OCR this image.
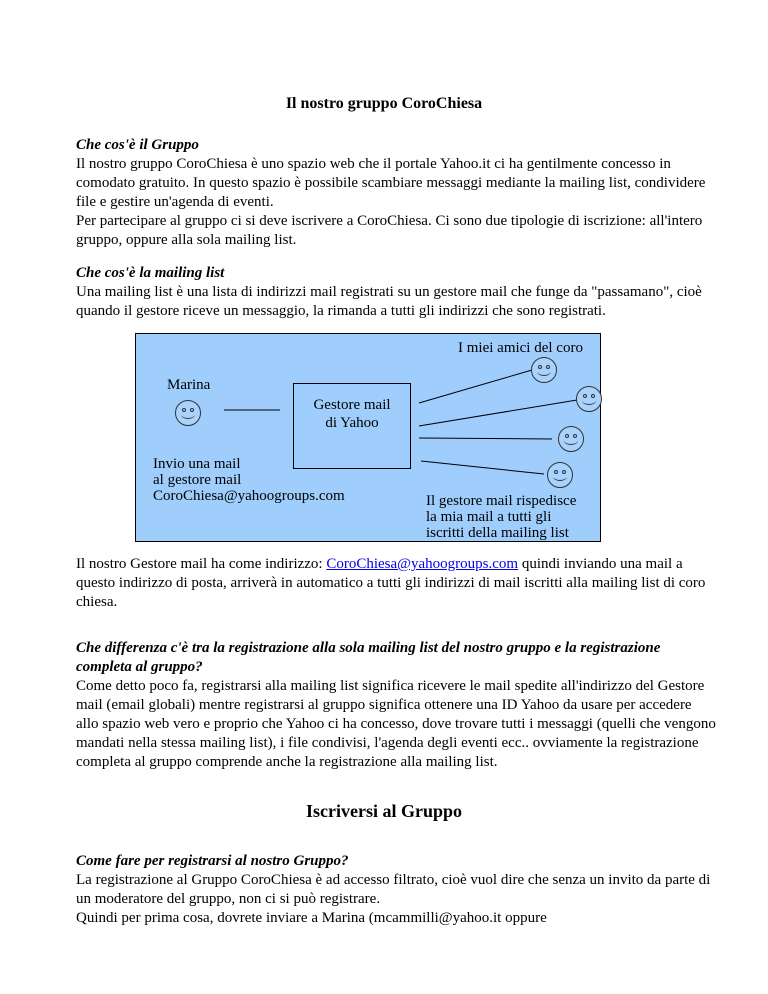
Il nostro gruppo CoroChiesa

Che cos'è il Gruppo

Il nostro gruppo CoroChiesa è uno spazio web che il portale Yahoo.it ci ha gentilmente concesso in comodato gratuito. In questo spazio è possibile scambiare messaggi mediante la mailing list, condividere file e gestire un'agenda di eventi.

Per partecipare al gruppo ci si deve iscrivere a CoroChiesa. Ci sono due tipologie di iscrizione: all'intero gruppo, oppure alla sola mailing list.

Che cos'è la mailing list

Una mailing list è una lista di indirizzi mail registrati su un gestore mail che funge da "passamano", cioè quando il gestore riceve un messaggio, la rimanda a tutti gli indirizzi che sono registrati.

I miei amici del coro
Marina
Gestore mail
di Yahoo
Invio una mail
al gestore mail
CoroChiesa@yahoogroups.com	Il gestore mail rispedisce
la mia mail a tutti gli
iscritti della mailing list

Il nostro Gestore mail ha come indirizzo: CoroChiesa@yahoogroups.com quindi inviando una mail a questo indirizzo di posta, arriverà in automatico a tutti gli indirizzi di mail iscritti alla mailing list di coro chiesa.

Che differenza c'è tra la registrazione alla sola mailing list del nostro gruppo e la registrazione completa al gruppo?

Come detto poco fa, registrarsi alla mailing list significa ricevere le mail spedite all'indirizzo del Gestore mail (email globali) mentre registrarsi al gruppo significa ottenere una ID Yahoo da usare per accedere allo spazio web vero e proprio che Yahoo ci ha concesso, dove trovare tutti i messaggi (quelli che vengono mandati nella stessa mailing list), i file condivisi, l'agenda degli eventi ecc.. ovviamente la registrazione completa al gruppo comprende anche la registrazione alla mailing list.

Iscriversi al Gruppo

Come fare per registrarsi al nostro Gruppo?

La registrazione al Gruppo CoroChiesa è ad accesso filtrato, cioè vuol dire che senza un invito da parte di un moderatore del gruppo, non ci si può registrare.

Quindi per prima cosa, dovrete inviare a Marina (mcammilli@yahoo.it oppure
